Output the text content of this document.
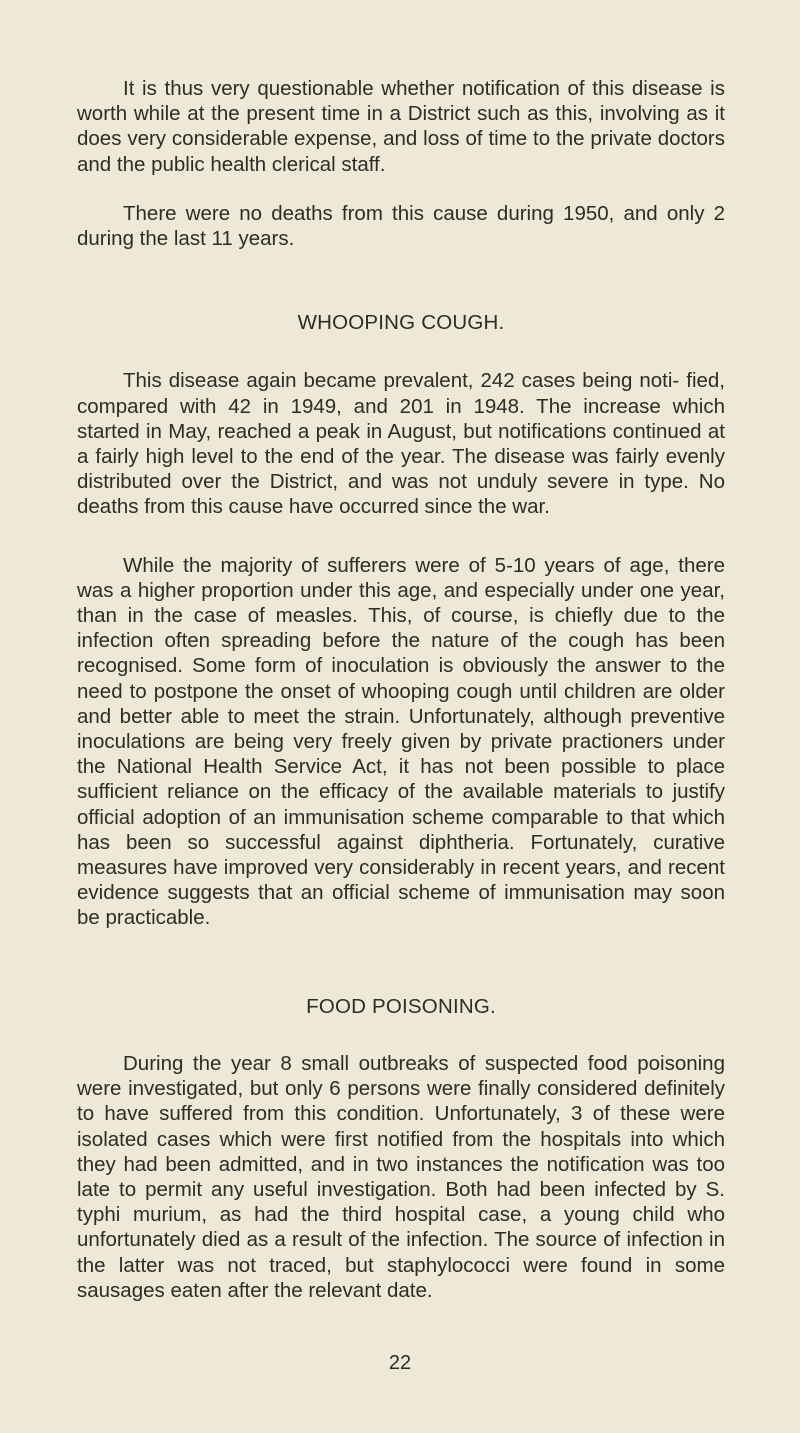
It is thus very questionable whether notification of this disease is worth while at the present time in a District such as this, involving as it does very considerable expense, and loss of time to the private doctors and the public health clerical staff.

There were no deaths from this cause during 1950, and only 2 during the last 11 years.

WHOOPING COUGH.

This disease again became prevalent, 242 cases being noti- fied, compared with 42 in 1949, and 201 in 1948. The increase which started in May, reached a peak in August, but notifications continued at a fairly high level to the end of the year. The disease was fairly evenly distributed over the District, and was not unduly severe in type. No deaths from this cause have occurred since the war.

While the majority of sufferers were of 5-10 years of age, there was a higher proportion under this age, and especially under one year, than in the case of measles. This, of course, is chiefly due to the infection often spreading before the nature of the cough has been recognised. Some form of inoculation is obviously the answer to the need to postpone the onset of whooping cough until children are older and better able to meet the strain. Unfortunately, although preventive inoculations are being very freely given by private practioners under the National Health Service Act, it has not been possible to place sufficient reliance on the efficacy of the available materials to justify official adoption of an immunisation scheme comparable to that which has been so successful against diphtheria. Fortunately, curative measures have improved very considerably in recent years, and recent evidence suggests that an official scheme of immunisation may soon be practicable.

FOOD POISONING.

During the year 8 small outbreaks of suspected food poisoning were investigated, but only 6 persons were finally considered definitely to have suffered from this condition. Unfortunately, 3 of these were isolated cases which were first notified from the hospitals into which they had been admitted, and in two instances the notification was too late to permit any useful investigation. Both had been infected by S. typhi murium, as had the third hospital case, a young child who unfortunately died as a result of the infection. The source of infection in the latter was not traced, but staphylococci were found in some sausages eaten after the relevant date.

22
